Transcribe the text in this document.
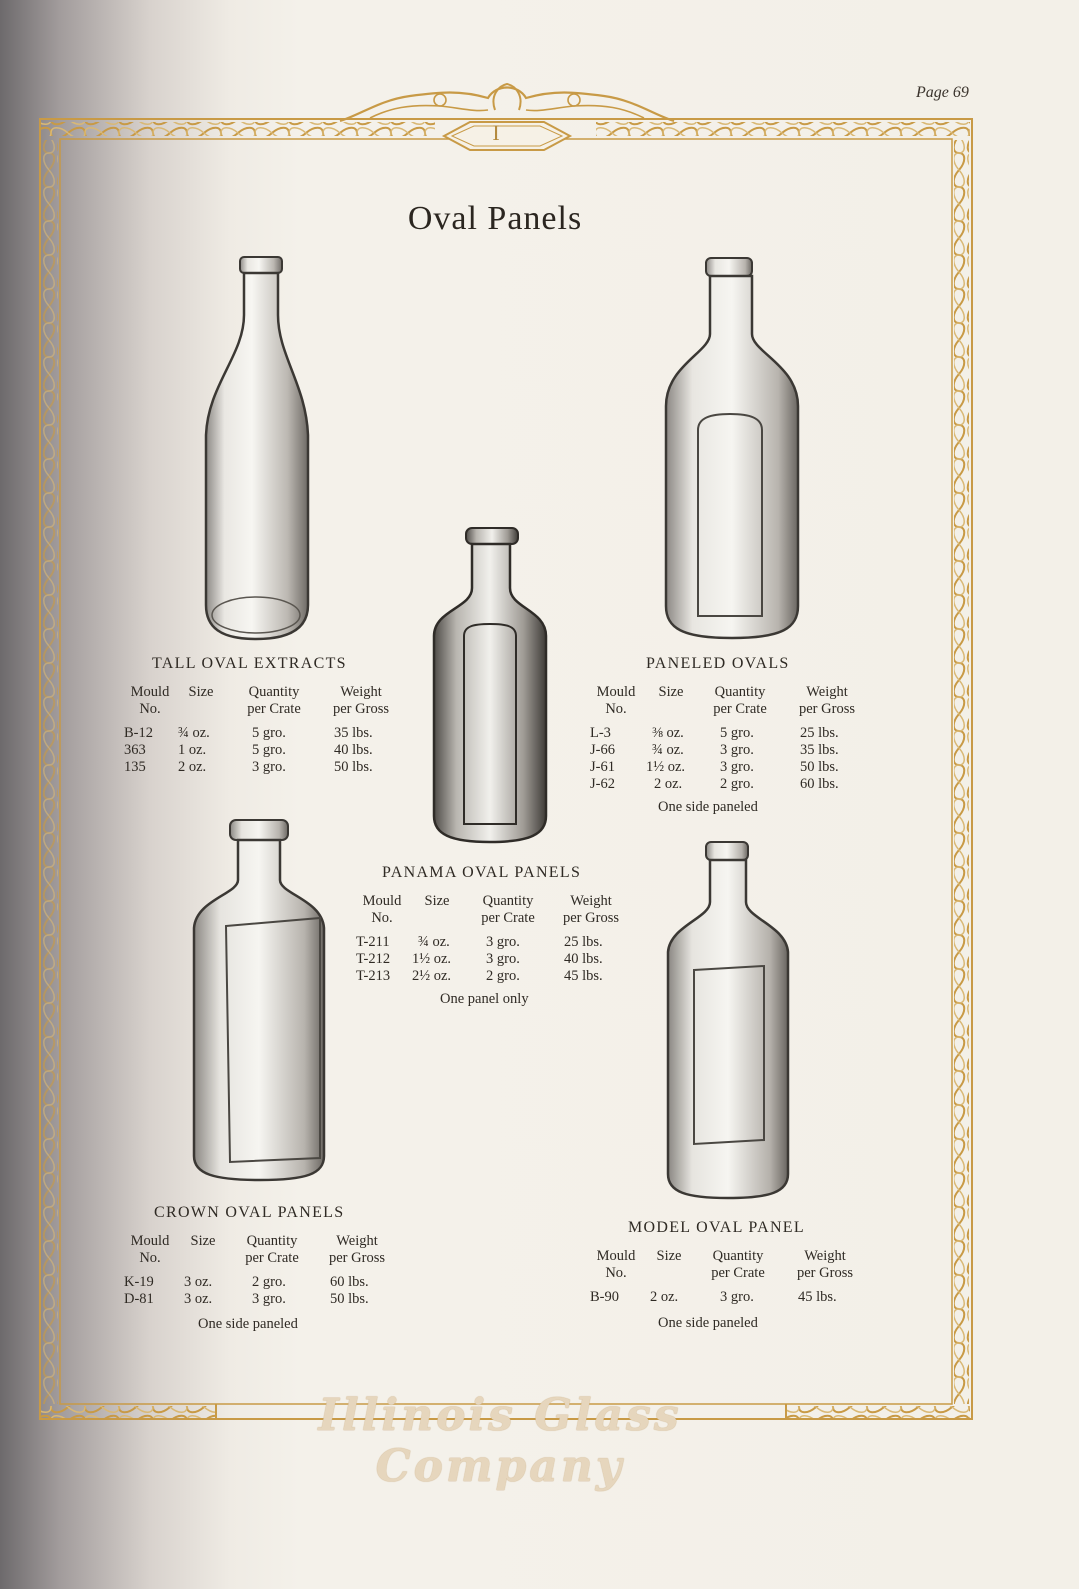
I
Page 69
Oval Panels
TALL OVAL EXTRACTS
Mould
No.
B-12
363
135
Size
¾ oz.
1 oz.
2 oz.
Quantity
per Crate
5 gro.
5 gro.
3 gro.
Weight
per Gross
35 lbs.
40 lbs.
50 lbs.
PANELED OVALS
Mould
No.
L-3
J-66
J-61
J-62
Size
⅜ oz.
¾ oz.
1½ oz.
2 oz.
Quantity
per Crate
5 gro.
3 gro.
3 gro.
2 gro.
Weight
per Gross
25 lbs.
35 lbs.
50 lbs.
60 lbs.
One side paneled
PANAMA OVAL PANELS
Mould
No.
T-211
T-212
T-213
Size
¾ oz.
1½ oz.
2½ oz.
Quantity
per Crate
3 gro.
3 gro.
2 gro.
Weight
per Gross
25 lbs.
40 lbs.
45 lbs.
One panel only
CROWN OVAL PANELS
Mould
No.
K-19
D-81
Size
3 oz.
3 oz.
Quantity
per Crate
2 gro.
3 gro.
Weight
per Gross
60 lbs.
50 lbs.
One side paneled
MODEL OVAL PANEL
Mould
No.
B-90
Size
2 oz.
Quantity
per Crate
3 gro.
Weight
per Gross
45 lbs.
One side paneled
Illinois Glass Company
